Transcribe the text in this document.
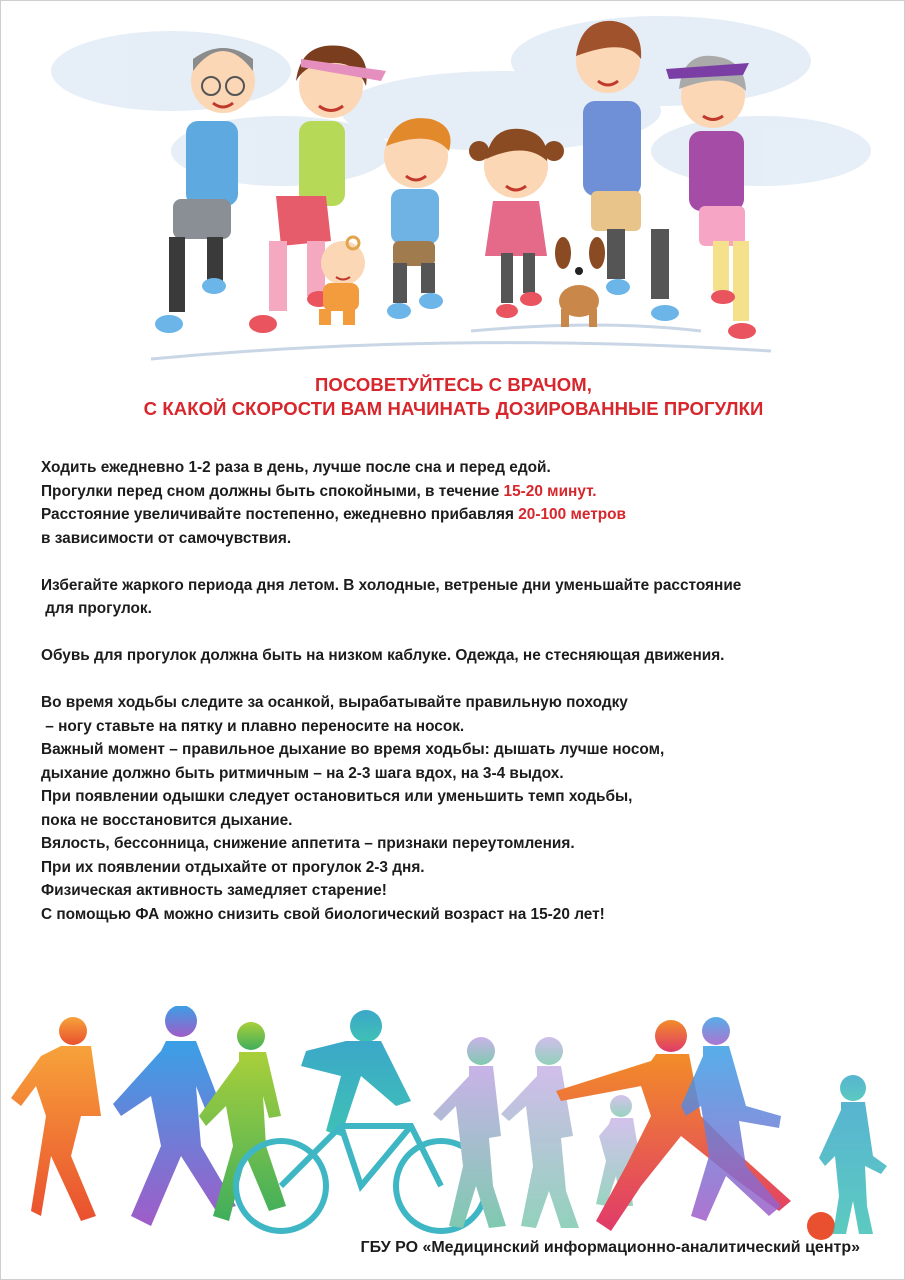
ПОСОВЕТУЙТЕСЬ С ВРАЧОМ,
С КАКОЙ СКОРОСТИ ВАМ НАЧИНАТЬ ДОЗИРОВАННЫЕ ПРОГУЛКИ
Ходить ежедневно 1-2 раза в день, лучше после сна и перед едой.
Прогулки перед сном должны быть спокойными, в течение 15-20 минут.
Расстояние увеличивайте постепенно, ежедневно прибавляя 20-100 метров
в зависимости от самочувствия.
Избегайте жаркого периода дня летом. В холодные, ветреные дни уменьшайте расстояние
для прогулок.
Обувь для прогулок должна быть на низком каблуке. Одежда, не стесняющая движения.
Во время ходьбы следите за осанкой, вырабатывайте правильную походку
– ногу ставьте на пятку и плавно переносите на носок.
Важный момент – правильное дыхание во время ходьбы: дышать лучше носом,
дыхание должно быть ритмичным – на 2-3 шага вдох, на 3-4 выдох.
При появлении одышки следует остановиться или уменьшить темп ходьбы,
пока не восстановится дыхание.
Вялость, бессонница, снижение аппетита – признаки переутомления.
При их появлении отдыхайте от прогулок 2-3 дня.
Физическая активность замедляет старение!
С помощью ФА можно снизить свой биологический возраст на 15-20 лет!
ГБУ РО «Медицинский информационно-аналитический центр»
